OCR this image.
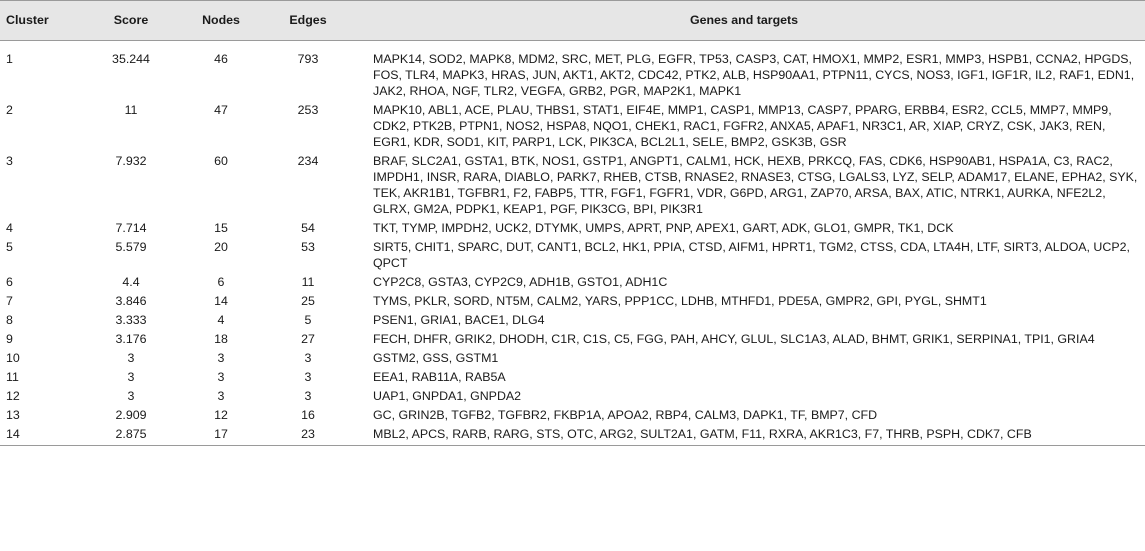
Cluster	Score	Nodes	Edges	Genes and targets
1	35.244	46	793	MAPK14, SOD2, MAPK8, MDM2, SRC, MET, PLG, EGFR, TP53, CASP3, CAT, HMOX1, MMP2, ESR1, MMP3, HSPB1, CCNA2, HPGDS, FOS, TLR4, MAPK3, HRAS, JUN, AKT1, AKT2, CDC42, PTK2, ALB, HSP90AA1, PTPN11, CYCS, NOS3, IGF1, IGF1R, IL2, RAF1, EDN1, JAK2, RHOA, NGF, TLR2, VEGFA, GRB2, PGR, MAP2K1, MAPK1
2	11	47	253	MAPK10, ABL1, ACE, PLAU, THBS1, STAT1, EIF4E, MMP1, CASP1, MMP13, CASP7, PPARG, ERBB4, ESR2, CCL5, MMP7, MMP9, CDK2, PTK2B, PTPN1, NOS2, HSPA8, NQO1, CHEK1, RAC1, FGFR2, ANXA5, APAF1, NR3C1, AR, XIAP, CRYZ, CSK, JAK3, REN, EGR1, KDR, SOD1, KIT, PARP1, LCK, PIK3CA, BCL2L1, SELE, BMP2, GSK3B, GSR
3	7.932	60	234	BRAF, SLC2A1, GSTA1, BTK, NOS1, GSTP1, ANGPT1, CALM1, HCK, HEXB, PRKCQ, FAS, CDK6, HSP90AB1, HSPA1A, C3, RAC2, IMPDH1, INSR, RARA, DIABLO, PARK7, RHEB, CTSB, RNASE2, RNASE3, CTSG, LGALS3, LYZ, SELP, ADAM17, ELANE, EPHA2, SYK, TEK, AKR1B1, TGFBR1, F2, FABP5, TTR, FGF1, FGFR1, VDR, G6PD, ARG1, ZAP70, ARSA, BAX, ATIC, NTRK1, AURKA, NFE2L2, GLRX, GM2A, PDPK1, KEAP1, PGF, PIK3CG, BPI, PIK3R1
4	7.714	15	54	TKT, TYMP, IMPDH2, UCK2, DTYMK, UMPS, APRT, PNP, APEX1, GART, ADK, GLO1, GMPR, TK1, DCK
5	5.579	20	53	SIRT5, CHIT1, SPARC, DUT, CANT1, BCL2, HK1, PPIA, CTSD, AIFM1, HPRT1, TGM2, CTSS, CDA, LTA4H, LTF, SIRT3, ALDOA, UCP2, QPCT
6	4.4	6	11	CYP2C8, GSTA3, CYP2C9, ADH1B, GSTO1, ADH1C
7	3.846	14	25	TYMS, PKLR, SORD, NT5M, CALM2, YARS, PPP1CC, LDHB, MTHFD1, PDE5A, GMPR2, GPI, PYGL, SHMT1
8	3.333	4	5	PSEN1, GRIA1, BACE1, DLG4
9	3.176	18	27	FECH, DHFR, GRIK2, DHODH, C1R, C1S, C5, FGG, PAH, AHCY, GLUL, SLC1A3, ALAD, BHMT, GRIK1, SERPINA1, TPI1, GRIA4
10	3	3	3	GSTM2, GSS, GSTM1
11	3	3	3	EEA1, RAB11A, RAB5A
12	3	3	3	UAP1, GNPDA1, GNPDA2
13	2.909	12	16	GC, GRIN2B, TGFB2, TGFBR2, FKBP1A, APOA2, RBP4, CALM3, DAPK1, TF, BMP7, CFD
14	2.875	17	23	MBL2, APCS, RARB, RARG, STS, OTC, ARG2, SULT2A1, GATM, F11, RXRA, AKR1C3, F7, THRB, PSPH, CDK7, CFB
